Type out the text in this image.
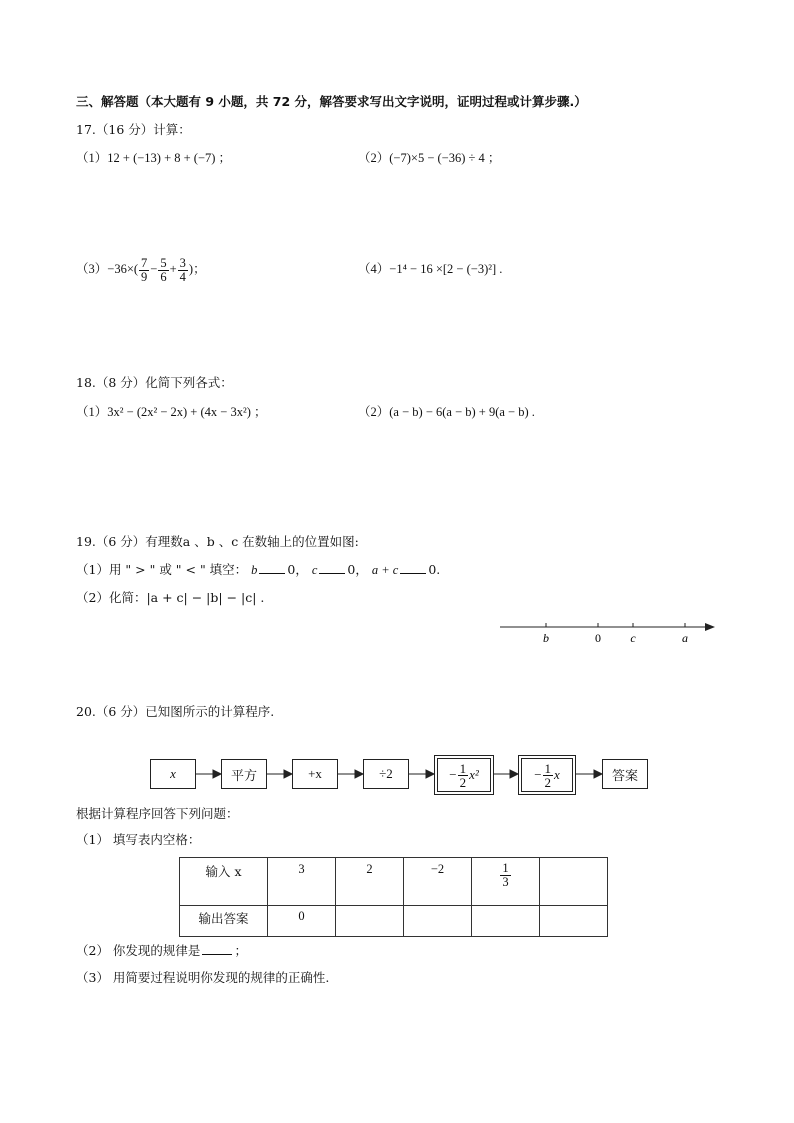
三、解答题（本大题有 9 小题，共 72 分，解答要求写出文字说明，证明过程或计算步骤.）
17.（16 分）计算：
（1）12 + (−13) + 8 + (−7) ；	（2）(−7)×5 − (−36) ÷ 4 ；
$(3)-36\times( \frac{7}{9} - \frac{5}{6} + \frac{3}{4}$ )；	（4）−1⁴ − 16 ×[2 − (−3)²] .
18.（8 分）化简下列各式：
（1）3x² − (2x² − 2x) + (4x − 3x²) ；	（2）(a − b) − 6(a − b) + 9(a − b) .
19.（6 分）有理数a 、b 、c 在数轴上的位置如图:
（1）用 " > " 或 " < " 填空： b 0， c 0， a + c 0.
（2）化简：|a + c| − |b| − |c| .
b	0 c	a
20.（6 分）已知图所示的计算程序.
x	平方	+x	÷2	− $\frac{1}{2} x^2$	− $\frac{1}{2}$ x	答案
根据计算程序回答下列问题：
（1） 填写表内空格：
输入 x	3	2	−2	$\frac{1}{3}$

输出答案	0				
（2） 你发现的规律是	；
（3） 用简要过程说明你发现的规律的正确性.
